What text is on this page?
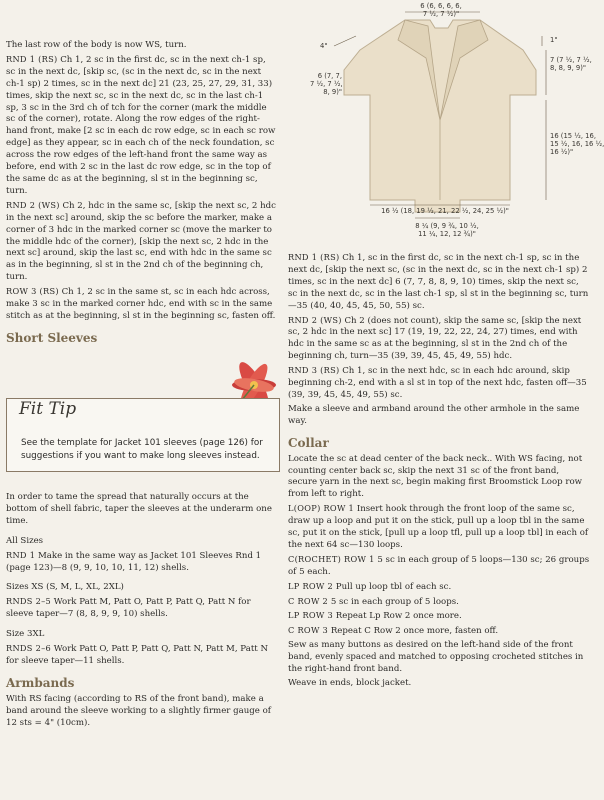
6 (6, 6, 6, 6,
7 ½, 7 ½)"
4"
6 (7, 7,
7 ½, 7 ½,
8, 9)"
1"
7 (7 ½, 7 ½,
8, 8, 9, 9)"
16 (15 ½, 16,
15 ½, 16, 16 ½,
16 ½)"
16 ½ (18, 19 ½, 21, 22 ½, 24, 25 ½)"
8 ¼ (9, 9 ¾, 10 ½,
11 ¼, 12, 12 ¾)"

The last row of the body is now WS, turn.

RND 1 (RS) Ch 1, 2 sc in the first dc, sc in the next ch-1 sp, sc in the next dc, [skip sc, (sc in the next dc, sc in the next ch-1 sp) 2 times, sc in the next dc] 21 (23, 25, 27, 29, 31, 33) times, skip the next sc, sc in the next dc, sc in the last ch-1 sp, 3 sc in the 3rd ch of tch for the corner (mark the middle sc of the corner), rotate. Along the row edges of the right-hand front, make [2 sc in each dc row edge, sc in each sc row edge] as they appear, sc in each ch of the neck foundation, sc across the row edges of the left-hand front the same way as before, end with 2 sc in the last dc row edge, sc in the top of the same dc as at the beginning, sl st in the beginning sc, turn.

RND 2 (WS) Ch 2, hdc in the same sc, [skip the next sc, 2 hdc in the next sc] around, skip the sc before the marker, make a corner of 3 hdc in the marked corner sc (move the marker to the middle hdc of the corner), [skip the next sc, 2 hdc in the next sc] around, skip the last sc, end with hdc in the same sc as in the beginning, sl st in the 2nd ch of the beginning ch, turn.

ROW 3 (RS) Ch 1, 2 sc in the same st, sc in each hdc across, make 3 sc in the marked corner hdc, end with sc in the same stitch as at the beginning, sl st in the beginning sc, fasten off.

Short Sleeves
Fit Tip
See the template for Jacket 101 sleeves (page 126) for suggestions if you want to make long sleeves instead.

In order to tame the spread that naturally occurs at the bottom of shell fabric, taper the sleeves at the underarm one time.

All Sizes

RND 1 Make in the same way as Jacket 101 Sleeves Rnd 1 (page 123)—8 (9, 9, 10, 10, 11, 12) shells.

Sizes XS (S, M, L, XL, 2XL)

RNDS 2–5 Work Patt M, Patt O, Patt P, Patt Q, Patt N for sleeve taper—7 (8, 8, 9, 9, 10) shells.

Size 3XL

RNDS 2–6 Work Patt O, Patt P, Patt Q, Patt N, Patt M, Patt N for sleeve taper—11 shells.

Armbands

With RS facing (according to RS of the front band), make a band around the sleeve working to a slightly firmer gauge of 12 sts = 4" (10cm).

RND 1 (RS) Ch 1, sc in the first dc, sc in the next ch-1 sp, sc in the next dc, [skip the next sc, (sc in the next dc, sc in the next ch-1 sp) 2 times, sc in the next dc] 6 (7, 7, 8, 8, 9, 10) times, skip the next sc, sc in the next dc, sc in the last ch-1 sp, sl st in the beginning sc, turn—35 (40, 40, 45, 45, 50, 55) sc.

RND 2 (WS) Ch 2 (does not count), skip the same sc, [skip the next sc, 2 hdc in the next sc] 17 (19, 19, 22, 22, 24, 27) times, end with hdc in the same sc as at the beginning, sl st in the 2nd ch of the beginning ch, turn—35 (39, 39, 45, 45, 49, 55) hdc.

RND 3 (RS) Ch 1, sc in the next hdc, sc in each hdc around, skip beginning ch-2, end with a sl st in top of the next hdc, fasten off—35 (39, 39, 45, 45, 49, 55) sc.

Make a sleeve and armband around the other armhole in the same way.

Collar

Locate the sc at dead center of the back neck.. With WS facing, not counting center back sc, skip the next 31 sc of the front band, secure yarn in the next sc, begin making first Broomstick Loop row from left to right.

L(OOP) ROW 1 Insert hook through the front loop of the same sc, draw up a loop and put it on the stick, pull up a loop tbl in the same sc, put it on the stick, [pull up a loop tfl, pull up a loop tbl] in each of the next 64 sc—130 loops.

C(ROCHET) ROW 1 5 sc in each group of 5 loops—130 sc; 26 groups of 5 each.

LP ROW 2 Pull up loop tbl of each sc.

C ROW 2 5 sc in each group of 5 loops.

LP ROW 3 Repeat Lp Row 2 once more.

C ROW 3 Repeat C Row 2 once more, fasten off.

Sew as many buttons as desired on the left-hand side of the front band, evenly spaced and matched to opposing crocheted stitches in the right-hand front band.

Weave in ends, block jacket.
